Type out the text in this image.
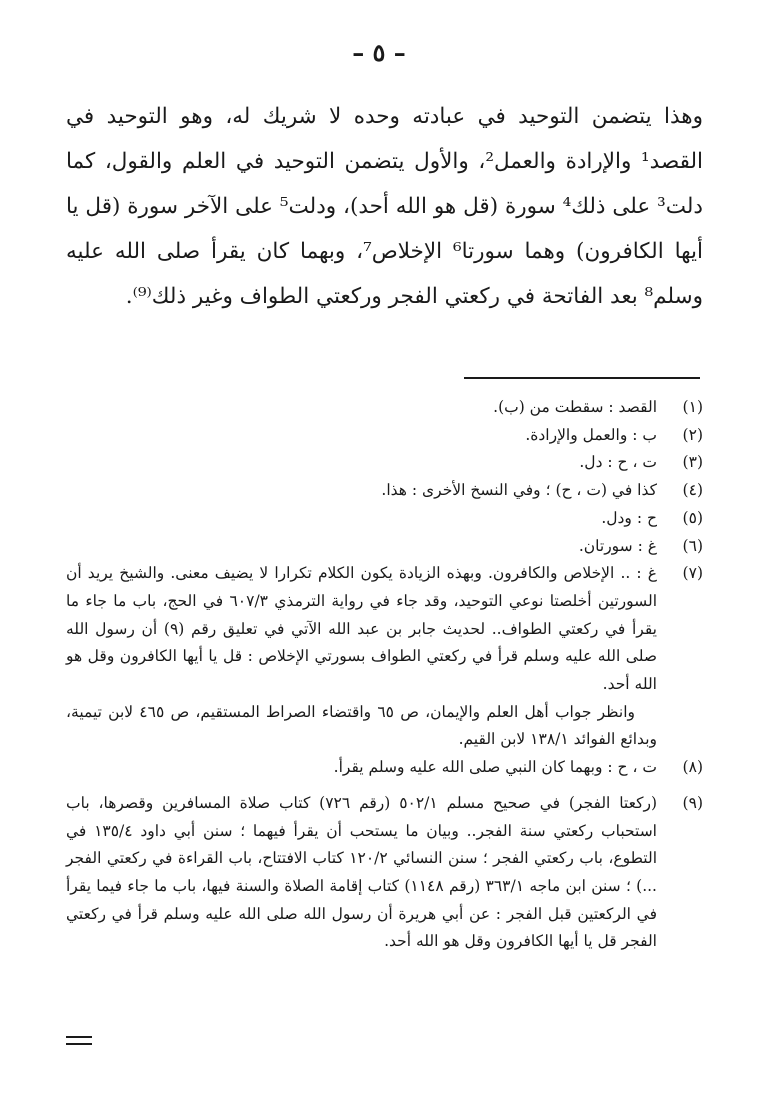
– ٥ –

وهذا يتضمن التوحيد في عبادته وحده لا شريك له، وهو التوحيد في القصد¹ والإرادة والعمل²، والأول يتضمن التوحيد في العلم والقول، كما دلت³ على ذلك⁴ سورة (قل هو الله أحد)، ودلت⁵ على الآخر سورة (قل يا أيها الكافرون) وهما سورتا⁶ الإخلاص⁷، وبهما كان يقرأ صلى الله عليه وسلم⁸ بعد الفاتحة في ركعتي الفجر وركعتي الطواف وغير ذلك⁽⁹⁾.

(١)
القصد : سقطت من (ب).
(٢)
ب : والعمل والإرادة.
(٣)
ت ، ح : دل.
(٤)
كذا في (ت ، ح) ؛ وفي النسخ الأخرى : هذا.
(٥)
ح : ودل.
(٦)
غ : سورتان.
(٧)
غ : .. الإخلاص والكافرون. وبهذه الزيادة يكون الكلام تكرارا لا يضيف معنى. والشيخ يريد أن السورتين أخلصتا نوعي التوحيد، وقد جاء في رواية الترمذي ٦٠٧/٣ في الحج، باب ما جاء ما يقرأ في ركعتي الطواف.. لحديث جابر بن عبد الله الآتي في تعليق رقم (٩) أن رسول الله صلى الله عليه وسلم قرأ في ركعتي الطواف بسورتي الإخلاص : قل يا أيها الكافرون وقل هو الله أحد.
وانظر جواب أهل العلم والإيمان، ص ٦٥ واقتضاء الصراط المستقيم، ص ٤٦٥ لابن تيمية، وبدائع الفوائد ١٣٨/١ لابن القيم.
(٨)
ت ، ح : وبهما كان النبي صلى الله عليه وسلم يقرأ.
(٩)
(ركعتا الفجر) في صحيح مسلم ٥٠٢/١ (رقم ٧٢٦) كتاب صلاة المسافرين وقصرها، باب استحباب ركعتي سنة الفجر.. وبيان ما يستحب أن يقرأ فيهما ؛ سنن أبي داود ١٣٥/٤ في التطوع، باب ركعتي الفجر ؛ سنن النسائي ١٢٠/٢ كتاب الافتتاح، باب القراءة في ركعتي الفجر ...) ؛ سنن ابن ماجه ٣٦٣/١ (رقم ١١٤٨) كتاب إقامة الصلاة والسنة فيها، باب ما جاء فيما يقرأ في الركعتين قبل الفجر : عن أبي هريرة أن رسول الله صلى الله عليه وسلم قرأ في ركعتي الفجر قل يا أيها الكافرون وقل هو الله أحد.
